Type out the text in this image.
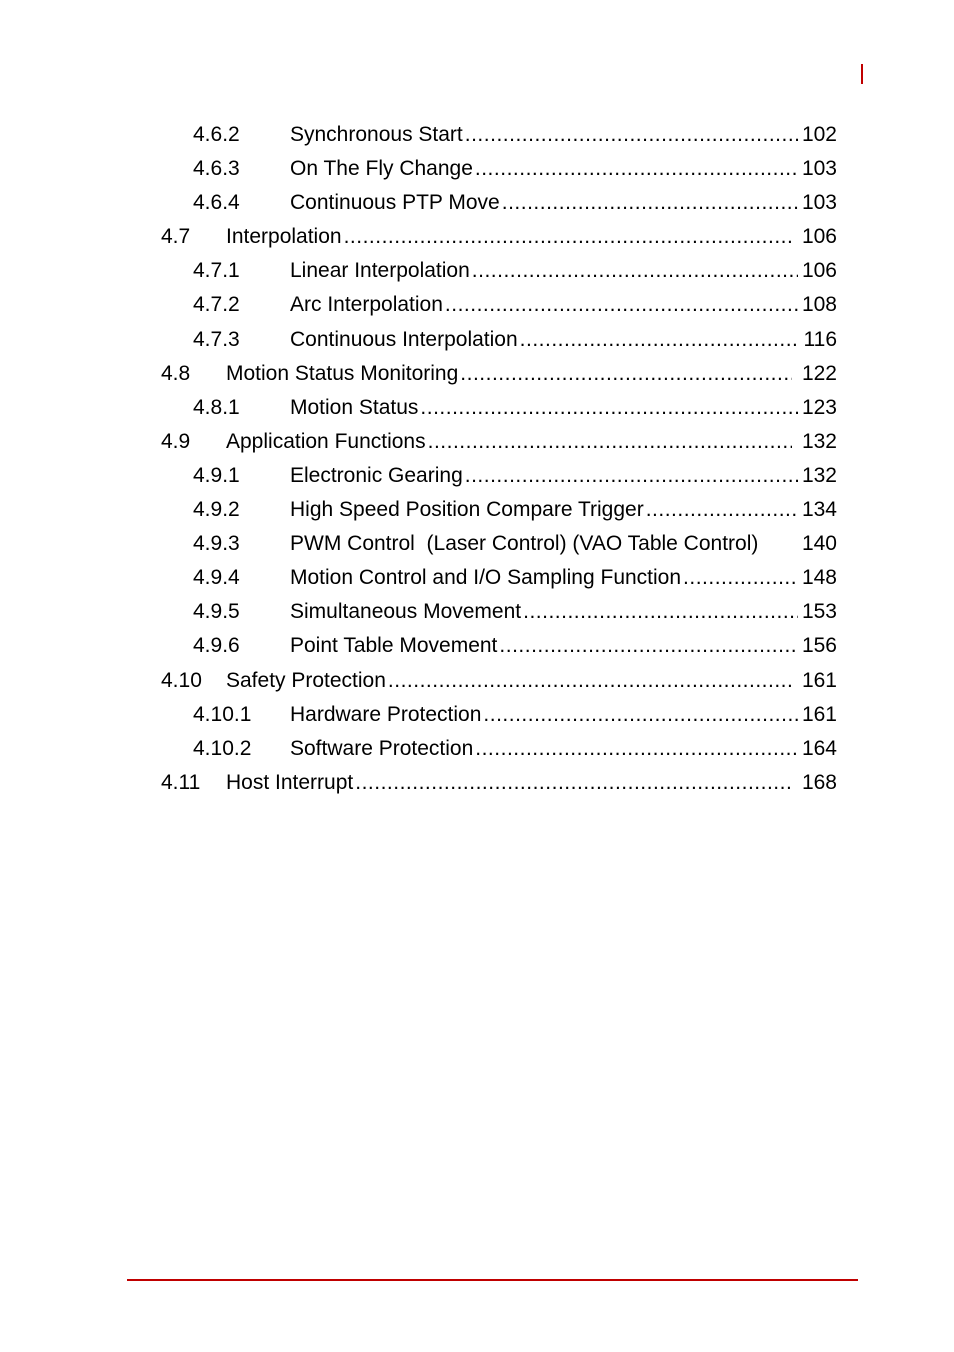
4.6.2 Synchronous Start .....	102
4.6.3 On The Fly Change .....	103
4.6.4 Continuous PTP Move .....	103
4.7 Interpolation .....	106
4.7.1 Linear Interpolation .....	106
4.7.2 Arc Interpolation .....	108
4.7.3 Continuous Interpolation .....	116
4.8 Motion Status Monitoring .....	122
4.8.1 Motion Status .....	123
4.9 Application Functions .....	132
4.9.1 Electronic Gearing .....	132
4.9.2 High Speed Position Compare Trigger .....	134
4.9.3 PWM Control  (Laser Control) (VAO Table Control) 140
4.9.4 Motion Control and I/O Sampling Function .....	148
4.9.5 Simultaneous Movement .....	153
4.9.6 Point Table Movement .....	156
4.10 Safety Protection .....	161
4.10.1 Hardware Protection .....	161
4.10.2 Software Protection .....	164
4.11 Host Interrupt .....	168
